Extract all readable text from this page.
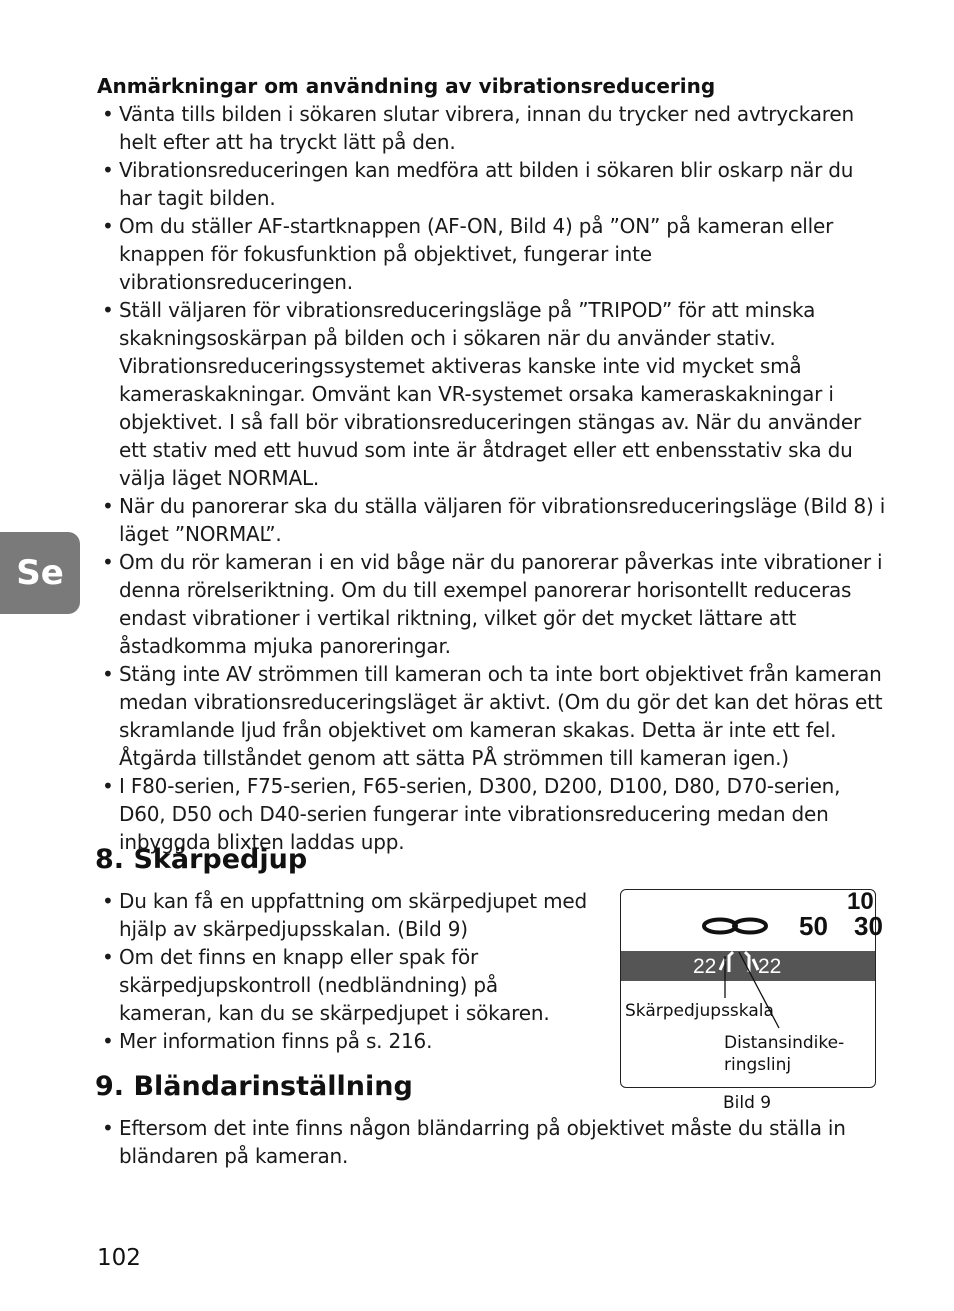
Anmärkningar om användning av vibrationsreducering
• Vänta tills bilden i sökaren slutar vibrera, innan du trycker ned avtryckaren helt efter att ha tryckt lätt på den.
• Vibrationsreduceringen kan medföra att bilden i sökaren blir oskarp när du har tagit bilden.
• Om du ställer AF-startknappen (AF-ON, Bild 4) på ”ON” på kameran eller knappen för fokusfunktion på objektivet, fungerar inte vibrationsreduceringen.
• Ställ väljaren för vibrationsreduceringsläge på ”TRIPOD” för att minska skakningsoskärpan på bilden och i sökaren när du använder stativ. Vibrationsreduceringssystemet aktiveras kanske inte vid mycket små kameraskakningar. Omvänt kan VR-systemet orsaka kameraskakningar i objektivet. I så fall bör vibrationsreduceringen stängas av. När du använder ett stativ med ett huvud som inte är åtdraget eller ett enbensstativ ska du välja läget NORMAL.
• När du panorerar ska du ställa väljaren för vibrationsreduceringsläge (Bild 8) i läget ”NORMAL”.
• Om du rör kameran i en vid båge när du panorerar påverkas inte vibrationer i denna rörelseriktning. Om du till exempel panorerar horisontellt reduceras endast vibrationer i vertikal riktning, vilket gör det mycket lättare att åstadkomma mjuka panoreringar.
• Stäng inte AV strömmen till kameran och ta inte bort objektivet från kameran medan vibrationsreduceringsläget är aktivt. (Om du gör det kan det höras ett skramlande ljud från objektivet om kameran skakas. Detta är inte ett fel. Åtgärda tillståndet genom att sätta PÅ strömmen till kameran igen.)
• I F80-serien, F75-serien, F65-serien, D300, D200, D100, D80, D70-serien, D60, D50 och D40-serien fungerar inte vibrationsreducering medan den inbyggda blixten laddas upp.
Se
8. Skärpedjup
• Du kan få en uppfattning om skärpedjupet med hjälp av skärpedjupsskalan. (Bild 9)
• Om det finns en knapp eller spak för skärpedjupskontroll (nedbländning) på kameran, kan du se skärpedjupet i sökaren.
• Mer information finns på s. 216.
10
50 30
22 22
Skärpedjupsskala
Distansindike-
ringslinj
Bild 9
9. Bländarinställning
• Eftersom det inte finns någon bländarring på objektivet måste du ställa in bländaren på kameran.
102
